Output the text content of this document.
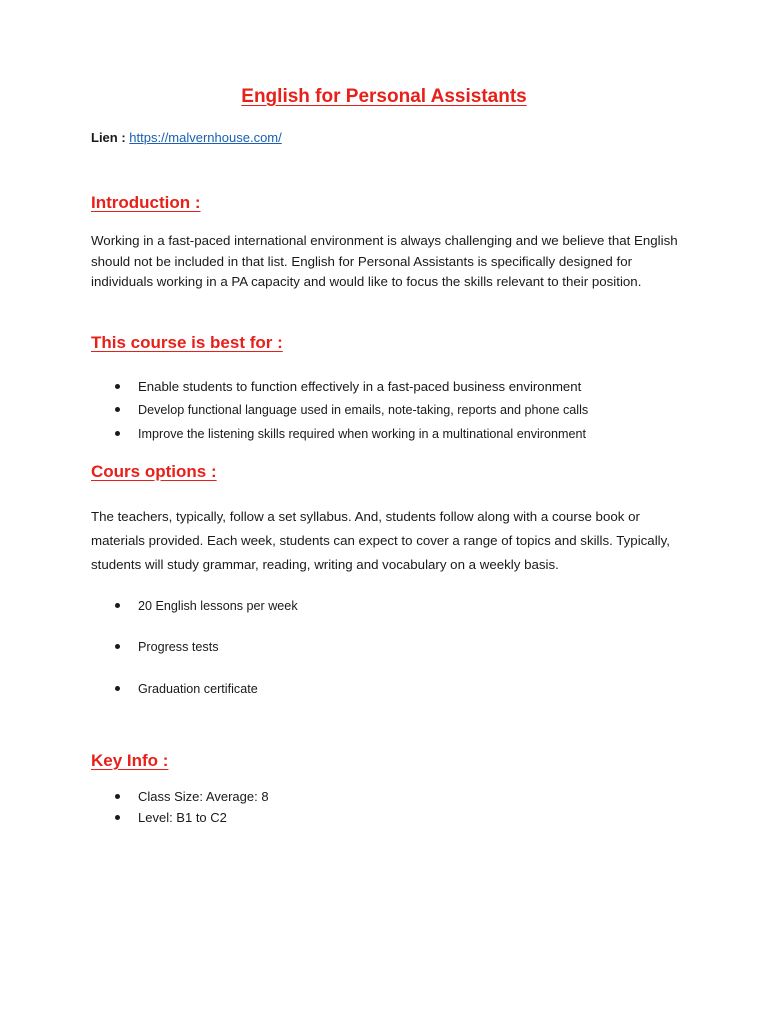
English for Personal Assistants
Lien : https://malvernhouse.com/
Introduction :

Working in a fast-paced international environment is always challenging and we believe that English should not be included in that list. English for Personal Assistants is specifically designed for individuals working in a PA capacity and would like to focus the skills relevant to their position.

This course is best for :
Enable students to function effectively in a fast-paced business environment
Develop functional language used in emails, note-taking, reports and phone calls
Improve the listening skills required when working in a multinational environment
Cours options :

The teachers, typically, follow a set syllabus. And, students follow along with a course book or materials provided. Each week, students can expect to cover a range of topics and skills. Typically, students will study grammar, reading, writing and vocabulary on a weekly basis.

20 English lessons per week
Progress tests
Graduation certificate
Key Info :
Class Size: Average: 8
Level: B1 to C2
